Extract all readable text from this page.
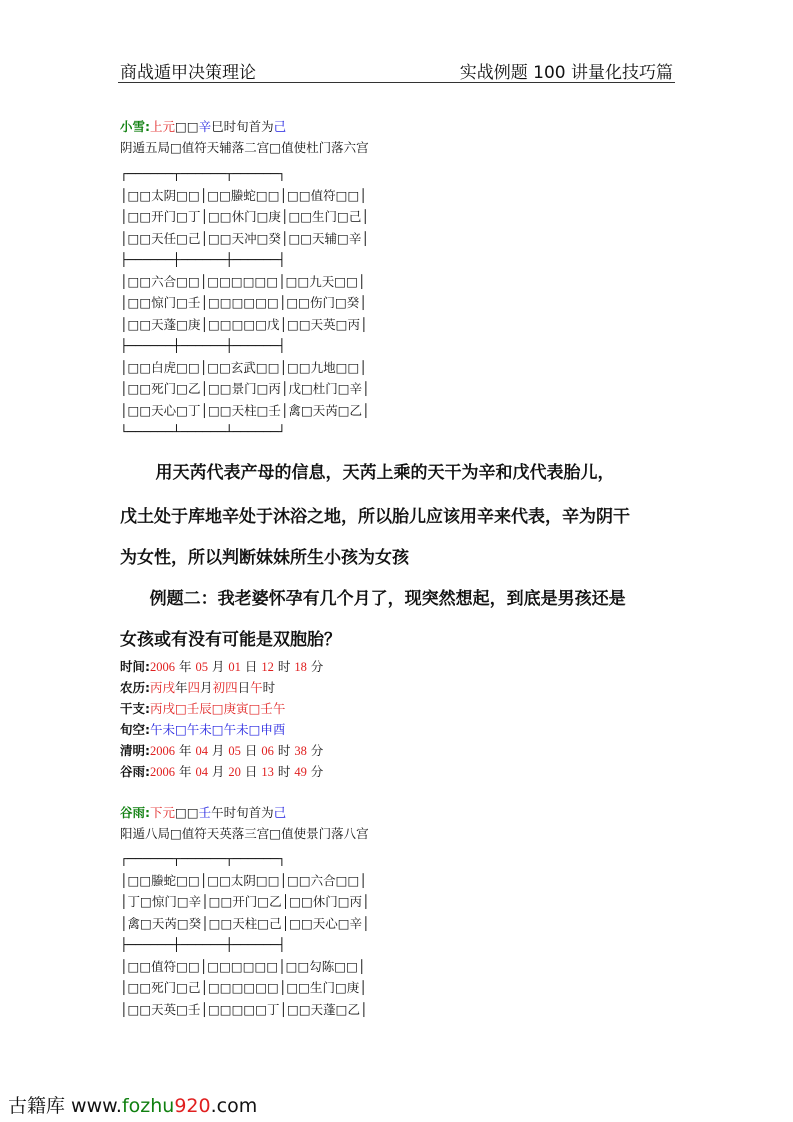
商战遁甲决策理论	实战例题 100 讲量化技巧篇
小雪:上元□□辛巳时旬首为己
阴遁五局□值符天辅落二宫□值使杜门落六宫
┌──────┬──────┬──────┐
│□□太阴□□│□□螣蛇□□│□□值符□□│
│□□开门□丁│□□休门□庚│□□生门□己│
│□□天任□己│□□天冲□癸│□□天辅□辛│
├──────┼──────┼──────┤
│□□六合□□│□□□□□□│□□九天□□│
│□□惊门□壬│□□□□□□│□□伤门□癸│
│□□天蓬□庚│□□□□□戊│□□天英□丙│
├──────┼──────┼──────┤
│□□白虎□□│□□玄武□□│□□九地□□│
│□□死门□乙│□□景门□丙│戊□杜门□辛│
│□□天心□丁│□□天柱□壬│禽□天芮□乙│
└──────┴──────┴──────┘
用天芮代表产母的信息，天芮上乘的天干为辛和戊代表胎儿，
戊土处于库地辛处于沐浴之地，所以胎儿应该用辛来代表，辛为阴干
为女性，所以判断妹妹所生小孩为女孩
例题二：我老婆怀孕有几个月了，现突然想起，到底是男孩还是
女孩或有没有可能是双胞胎？
时间:2006 年 05 月 01 日 12 时 18 分
农历:丙戌年四月初四日午时
干支:丙戌□壬辰□庚寅□壬午
旬空:午未□午未□午未□申酉
清明:2006 年 04 月 05 日 06 时 38 分
谷雨:2006 年 04 月 20 日 13 时 49 分
谷雨:下元□□壬午时旬首为己
阳遁八局□值符天英落三宫□值使景门落八宫
┌──────┬──────┬──────┐
│□□螣蛇□□│□□太阴□□│□□六合□□│
│丁□惊门□辛│□□开门□乙│□□休门□丙│
│禽□天芮□癸│□□天柱□己│□□天心□辛│
├──────┼──────┼──────┤
│□□值符□□│□□□□□□│□□勾陈□□│
│□□死门□己│□□□□□□│□□生门□庚│
│□□天英□壬│□□□□□丁│□□天蓬□乙│
古籍库 www.fozhu920.com
